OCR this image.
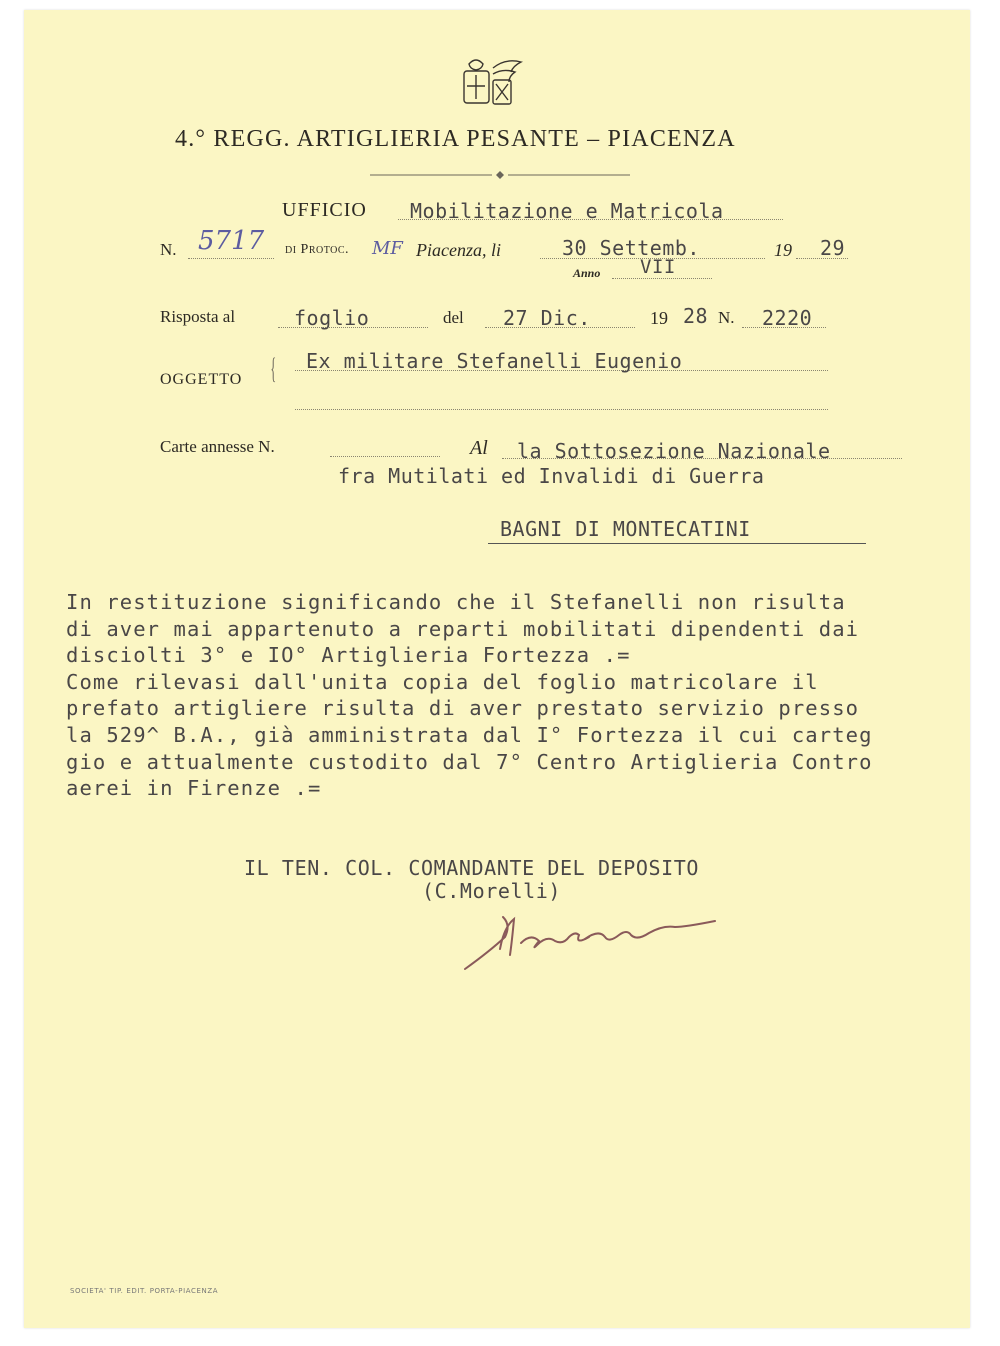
4.° REGG. ARTIGLIERIA PESANTE – PIACENZA
UFFICIO Mobilitazione e Matricola
N. 5717 di Protoc. MF Piacenza, li	30 Settemb.	19 29
Anno VII
Risposta al	foglio	del 27 Dic.	19 28 N. 2220
OGGETTO { Ex militare Stefanelli Eugenio
Carte annesse N.	Al la Sottosezione Nazionale
fra Mutilati ed Invalidi di Guerra
BAGNI DI MONTECATINI
In restituzione significando che il Stefanelli non risulta
di aver mai appartenuto a reparti mobilitati dipendenti dai
disciolti 3° e IO° Artiglieria Fortezza .=
Come rilevasi dall'unita copia del foglio matricolare il
prefato artigliere risulta di aver prestato servizio presso
la 529^ B.A., già amministrata dal I° Fortezza il cui carteg
gio e attualmente custodito dal 7° Centro Artiglieria Contro
aerei in Firenze .=
IL TEN. COL. COMANDANTE DEL DEPOSITO
(C.Morelli)
SOCIETA' TIP. EDIT. PORTA-PIACENZA
